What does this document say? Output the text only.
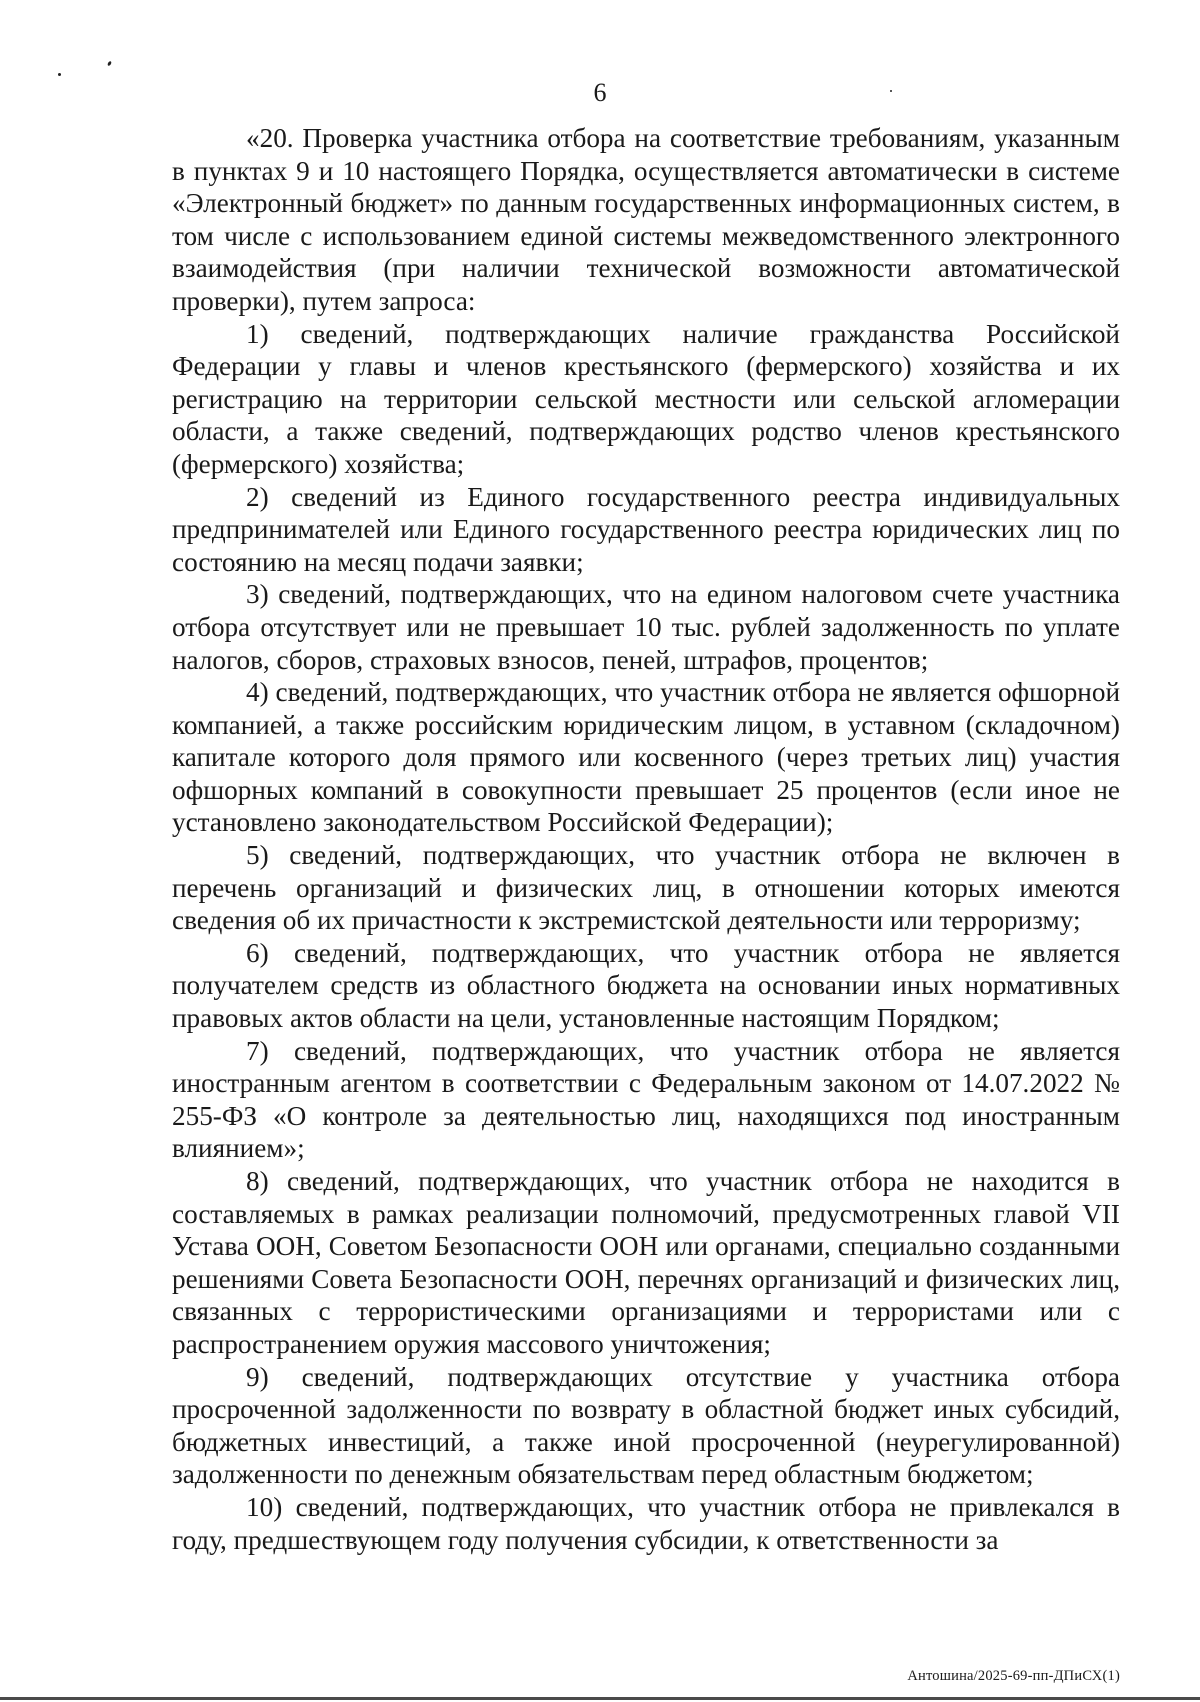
6

«20. Проверка участника отбора на соответствие требованиям, указанным в пунктах 9 и 10 настоящего Порядка, осуществляется автоматически в системе «Электронный бюджет» по данным государственных информационных систем, в том числе с использованием единой системы межведомственного электронного взаимодействия (при наличии технической возможности автоматической проверки), путем запроса:

1) сведений, подтверждающих наличие гражданства Российской Федерации у главы и членов крестьянского (фермерского) хозяйства и их регистрацию на территории сельской местности или сельской агломерации области, а также сведений, подтверждающих родство членов крестьянского (фермерского) хозяйства;

2) сведений из Единого государственного реестра индивидуальных предпринимателей или Единого государственного реестра юридических лиц по состоянию на месяц подачи заявки;

3) сведений, подтверждающих, что на едином налоговом счете участника отбора отсутствует или не превышает 10 тыс. рублей задолженность по уплате налогов, сборов, страховых взносов, пеней, штрафов, процентов;

4) сведений, подтверждающих, что участник отбора не является офшорной компанией, а также российским юридическим лицом, в уставном (складочном) капитале которого доля прямого или косвенного (через третьих лиц) участия офшорных компаний в совокупности превышает 25 процентов (если иное не установлено законодательством Российской Федерации);

5) сведений, подтверждающих, что участник отбора не включен в перечень организаций и физических лиц, в отношении которых имеются сведения об их причастности к экстремистской деятельности или терроризму;

6) сведений, подтверждающих, что участник отбора не является получателем средств из областного бюджета на основании иных нормативных правовых актов области на цели, установленные настоящим Порядком;

7) сведений, подтверждающих, что участник отбора не является иностранным агентом в соответствии с Федеральным законом от 14.07.2022 № 255-ФЗ «О контроле за деятельностью лиц, находящихся под иностранным влиянием»;

8) сведений, подтверждающих, что участник отбора не находится в составляемых в рамках реализации полномочий, предусмотренных главой VII Устава ООН, Советом Безопасности ООН или органами, специально созданными решениями Совета Безопасности ООН, перечнях организаций и физических лиц, связанных с террористическими организациями и террористами или с распространением оружия массового уничтожения;

9) сведений, подтверждающих отсутствие у участника отбора просроченной задолженности по возврату в областной бюджет иных субсидий, бюджетных инвестиций, а также иной просроченной (неурегулированной) задолженности по денежным обязательствам перед областным бюджетом;

10) сведений, подтверждающих, что участник отбора не привлекался в году, предшествующем году получения субсидии, к ответственности за

Антошина/2025-69-пп-ДПиСХ(1)
